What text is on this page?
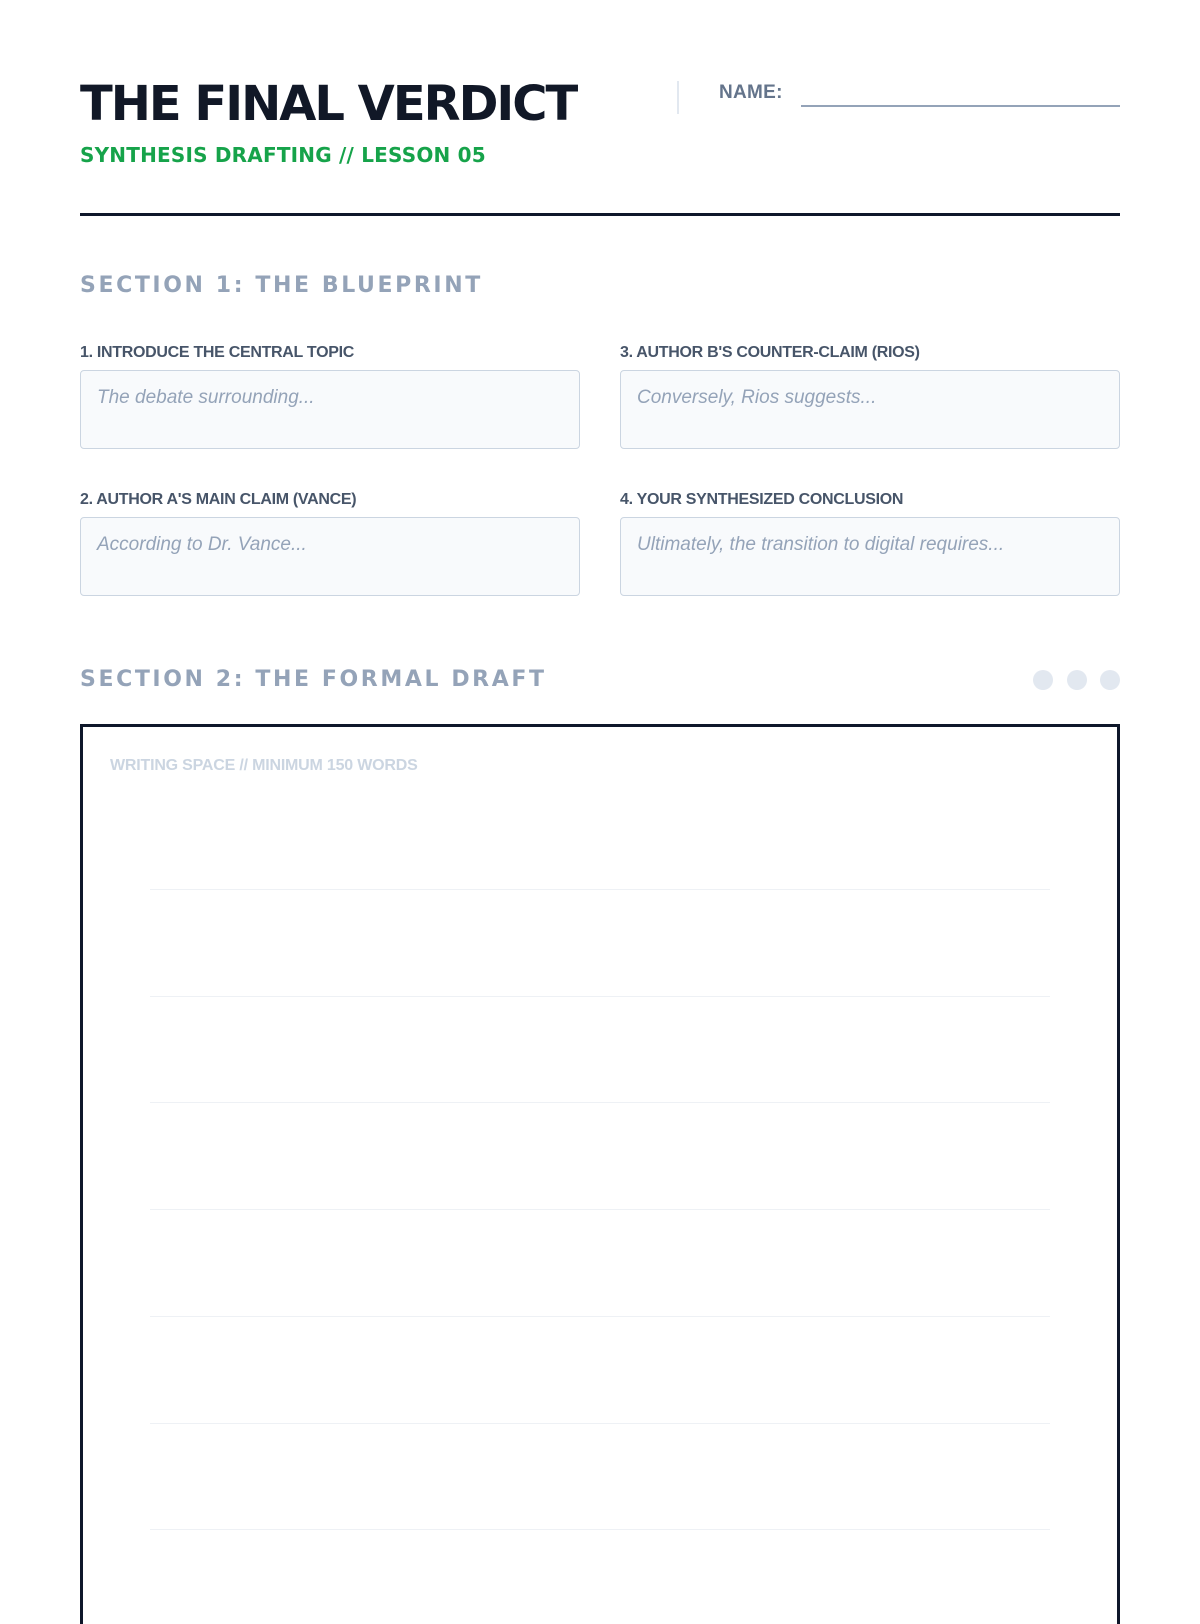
THE FINAL VERDICT
SYNTHESIS DRAFTING // LESSON 05
NAME:
SECTION 1: THE BLUEPRINT
1. INTRODUCE THE CENTRAL TOPIC
The debate surrounding...
3. AUTHOR B'S COUNTER-CLAIM (RIOS)
Conversely, Rios suggests...
2. AUTHOR A'S MAIN CLAIM (VANCE)
According to Dr. Vance...
4. YOUR SYNTHESIZED CONCLUSION
Ultimately, the transition to digital requires...
SECTION 2: THE FORMAL DRAFT
WRITING SPACE // MINIMUM 150 WORDS
